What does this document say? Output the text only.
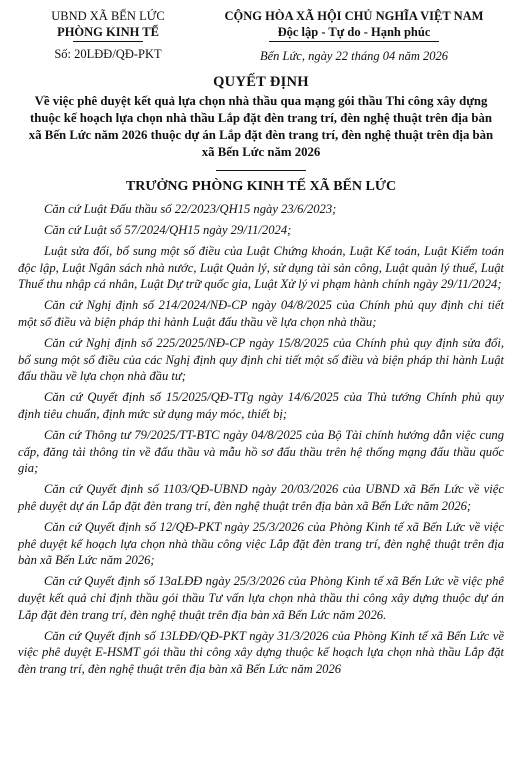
UBND XÃ BẾN LỨC
PHÒNG KINH TẾ
Số: 20LĐĐ/QĐ-PKT
CỘNG HÒA XÃ HỘI CHỦ NGHĨA VIỆT NAM
Độc lập - Tự do - Hạnh phúc
Bến Lức, ngày 22 tháng 04 năm 2026
QUYẾT ĐỊNH
Về việc phê duyệt kết quả lựa chọn nhà thầu qua mạng gói thầu Thi công xây dựng thuộc kế hoạch lựa chọn nhà thầu Lắp đặt đèn trang trí, đèn nghệ thuật trên địa bàn xã Bến Lức năm 2026 thuộc dự án Lắp đặt đèn trang trí, đèn nghệ thuật trên địa bàn xã Bến Lức năm 2026
TRƯỞNG PHÒNG KINH TẾ XÃ BẾN LỨC

Căn cứ Luật Đấu thầu số 22/2023/QH15 ngày 23/6/2023;

Căn cứ Luật số 57/2024/QH15 ngày 29/11/2024;

Luật sửa đổi, bổ sung một số điều của Luật Chứng khoán, Luật Kế toán, Luật Kiểm toán độc lập, Luật Ngân sách nhà nước, Luật Quản lý, sử dụng tài sản công, Luật quản lý thuế, Luật Thuế thu nhập cá nhân, Luật Dự trữ quốc gia, Luật Xử lý vi phạm hành chính ngày 29/11/2024;

Căn cứ Nghị định số 214/2024/NĐ-CP ngày 04/8/2025 của Chính phủ quy định chi tiết một số điều và biện pháp thi hành Luật đấu thầu về lựa chọn nhà thầu;

Căn cứ Nghị định số 225/2025/NĐ-CP ngày 15/8/2025 của Chính phủ quy định sửa đổi, bổ sung một số điều của các Nghị định quy định chi tiết một số điều và biện pháp thi hành Luật đấu thầu về lựa chọn nhà đầu tư;

Căn cứ Quyết định số 15/2025/QĐ-TTg ngày 14/6/2025 của Thủ tướng Chính phủ quy định tiêu chuẩn, định mức sử dụng máy móc, thiết bị;

Căn cứ Thông tư 79/2025/TT-BTC ngày 04/8/2025 của Bộ Tài chính hướng dẫn việc cung cấp, đăng tải thông tin về đấu thầu và mẫu hồ sơ đấu thầu trên hệ thống mạng đấu thầu quốc gia;

Căn cứ Quyết định số 1103/QĐ-UBND ngày 20/03/2026 của UBND xã Bến Lức về việc phê duyệt dự án Lắp đặt đèn trang trí, đèn nghệ thuật trên địa bàn xã Bến Lức năm 2026;

Căn cứ Quyết định số 12/QĐ-PKT ngày 25/3/2026 của Phòng Kinh tế xã Bến Lức về việc phê duyệt kế hoạch lựa chọn nhà thầu công việc Lắp đặt đèn trang trí, đèn nghệ thuật trên địa bàn xã Bến Lức năm 2026;

Căn cứ Quyết định số 13aLĐĐ ngày 25/3/2026 của Phòng Kinh tế xã Bến Lức về việc phê duyệt kết quả chỉ định thầu gói thầu Tư vấn lựa chọn nhà thầu thi công xây dựng thuộc dự án Lắp đặt đèn trang trí, đèn nghệ thuật trên địa bàn xã Bến Lức năm 2026.

Căn cứ Quyết định số 13LĐĐ/QĐ-PKT ngày 31/3/2026 của Phòng Kinh tế xã Bến Lức về việc phê duyệt E-HSMT gói thầu thi công xây dựng thuộc kế hoạch lựa chọn nhà thầu Lắp đặt đèn trang trí, đèn nghệ thuật trên địa bàn xã Bến Lức năm 2026
